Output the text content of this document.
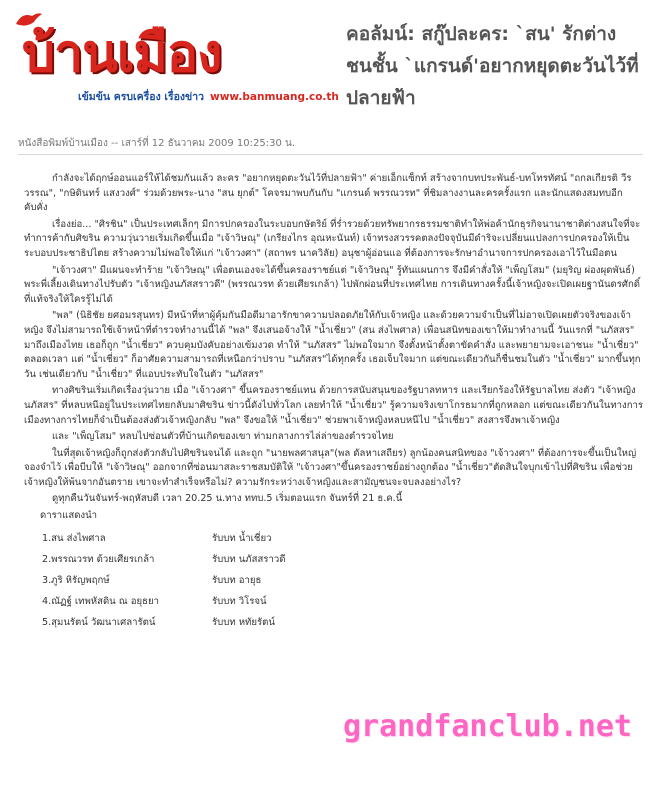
บ้านเมือง
เข้มข้น ครบเครื่อง เรื่องข่าว www.banmuang.co.th
คอลัมน์: สกู๊ปละคร: `สน' รักต่างชนชั้น `แกรนด์'อยากหยุดตะวันไว้ที่ปลายฟ้า
หนังสือพิมพ์บ้านเมือง -- เสาร์ที่ 12 ธันวาคม 2009 10:25:30 น.

กำลังจะได้ฤกษ์ออนแอร์ให้ได้ชมกันแล้ว ละคร "อยากหยุดตะวันไว้ที่ปลายฟ้า" ค่ายเอ็กแซ็กท์ สร้างจากบทประพันธ์-บทโทรทัศน์ "ถกลเกียรติ วีรวรรณ", "กษิดินทร์ แสงวงศ์" ร่วมด้วยพระ-นาง "สน ยุกต์" โคจรมาพบกันกับ "แกรนด์ พรรณวรท" ที่ชิมลางงานละครครั้งแรก และนักแสดงสมทบอีกคับคั่ง

เรื่องย่อ... "ศิรชิน" เป็นประเทศเล็กๆ มีการปกครองในระบอบกษัตริย์ ที่ร่ำรวยด้วยทรัพยากรธรรมชาติทำให้พ่อค้านักธุรกิจนานาชาติต่างสนใจที่จะทำการค้ากับศิขริน ความวุ่นวายเริ่มเกิดขึ้นเมื่อ "เจ้าวิษณุ" (เกรียงไกร อุณหะนันท์) เจ้าทรงสวรรคตลงปัจจุบันมีดำริจะเปลี่ยนแปลงการปกครองให้เป็นระบอบประชาธิปไตย สร้างความไม่พอใจให้แก่ "เจ้าวงศา" (สถาพร นาควิลัย) อนุชาผู้อ่อนแอ ที่ต้องการจะรักษาอำนาจการปกครองเอาไว้ในมือตน

"เจ้าวงศา" มีแผนจะทำร้าย "เจ้าวิษณุ" เพื่อตนเองจะได้ขึ้นครองราชย์แต่ "เจ้าวิษณุ" รู้ทันแผนการ จึงมีคำสั่งให้ "เพ็ญโสม" (มยุริญ ผ่องผุดพันธ์) พระพี่เลี้ยงเดินทางไปรับตัว "เจ้าหญิงนภัสสราวดี" (พรรณวรท ด้วยเศียรเกล้า) ไปพักผ่อนที่ประเทศไทย การเดินทางครั้งนี้เจ้าหญิงจะเปิดเผยฐานันดรศักดิ์ที่แท้จริงให้ใครรู้ไม่ได้

"พล" (นิธิชัย ยศอมรสุนทร) มีหน้าที่หาผู้คุ้มกันมือดีมาอารักขาความปลอดภัยให้กับเจ้าหญิง และด้วยความจำเป็นที่ไม่อาจเปิดเผยตัวจริงของเจ้าหญิง จึงไม่สามารถใช้เจ้าหน้าที่ตำรวจทำงานนี้ได้ "พล" จึงเสนอจ้างให้ "น้ำเชี่ยว" (สน ส่งไพศาล) เพื่อนสนิทของเขาให้มาทำงานนี้ วันแรกที่ "นภัสสร" มาถึงเมืองไทย เธอก็ถูก "น้ำเชี่ยว" ควบคุมบังคับอย่างเข้มงวด ทำให้ "นภัสสร" ไม่พอใจมาก จึงตั้งหน้าตั้งตาขัดคำสั่ง และพยายามจะเอาชนะ "น้ำเชี่ยว" ตลอดเวลา แต่ "น้ำเชี่ยว" ก็อาศัยความสามารถที่เหนือกว่าปราบ "นภัสสร"ได้ทุกครั้ง เธอเจ็บใจมาก แต่ขณะเดียวกันก็ชื่นชมในตัว "น้ำเชี่ยว" มากขึ้นทุกวัน เช่นเดียวกับ "น้ำเชี่ยว" ที่แอบประทับใจในตัว "นภัสสร"

ทางศิขรินเริ่มเกิดเรื่องวุ่นวาย เมื่อ "เจ้าวงศา" ขึ้นครองราชย์แทน ด้วยการสนับสนุนของรัฐบาลทหาร และเรียกร้องให้รัฐบาลไทย ส่งตัว "เจ้าหญิงนภัสสร" ที่หลบหนีอยู่ในประเทศไทยกลับมาศิขริน ข่าวนี้ดังไปทั่วโลก เลยทำให้ "น้ำเชี่ยว" รู้ความจริงเขาโกรธมากที่ถูกหลอก แต่ขณะเดียวกันในทางการเมืองทางการไทยก็จำเป็นต้องส่งตัวเจ้าหญิงกลับ "พล" จึงขอให้ "น้ำเชี่ยว" ช่วยพาเจ้าหญิงหลบหนีไป "น้ำเชี่ยว" สงสารจึงพาเจ้าหญิง

และ "เพ็ญโสม" หลบไปซ่อนตัวที่บ้านเกิดของเขา ท่ามกลางการไล่ล่าของตำรวจไทย

ในที่สุดเจ้าหญิงก็ถูกส่งตัวกลับไปศิขรินจนได้ และถูก "นายพลศาสนุล"(พล ดัลหาเสถียร) ลูกน้องคนสนิทของ "เจ้าวงศา" ที่ต้องการจะขึ้นเป็นใหญ่จองจำไว้ เพื่อบีบให้ "เจ้าวิษณุ" ออกจากที่ซ่อนมาสละราชสมบัติให้ "เจ้าวงศา"ขึ้นครองราชย์อย่างถูกต้อง "น้ำเชี่ยว"ตัดสินใจบุกเข้าไปที่ศิขริน เพื่อช่วยเจ้าหญิงให้พ้นจากอันตราย เขาจะทำสำเร็จหรือไม่? ความรักระหว่างเจ้าหญิงและสามัญชนจะจบลงอย่างไร?

ดูทุกคืนวันจันทร์-พฤหัสบดี เวลา 20.25 น.ทาง ททบ.5 เริ่มตอนแรก จันทร์ที่ 21 ธ.ค.นี้

ดาราแสดงนำ
1.สน ส่งไพศาล	รับบท น้ำเชี่ยว
2.พรรณวรท ด้วยเศียรเกล้า	รับบท นภัสสราวดี
3.ภูริ หิรัญพฤกษ์	รับบท อายุธ
4.ณัฏฐ์ เทพหัสดิน ณ อยุธยา	รับบท วิโรจน์
5.สุมนรัตน์ วัฒนาเศลารัตน์	รับบท หทัยรัตน์
grandfanclub.net
